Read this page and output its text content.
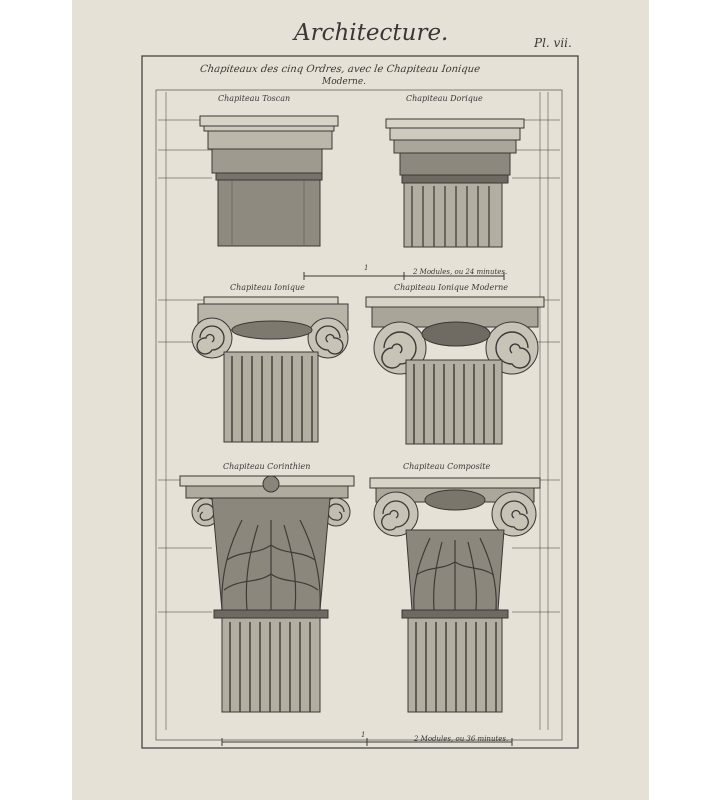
Architecture.	Pl. vii.
Chapiteaux des cinq Ordres, avec le Chapiteau Ionique
Moderne.
Chapiteau Toscan	Chapiteau Dorique
Chapiteau Ionique	Chapiteau Ionique Moderne
Chapiteau Corinthien	Chapiteau Composite
1	2 Modules, ou 24 minutes.
1	2 Modules, ou 36 minutes.
